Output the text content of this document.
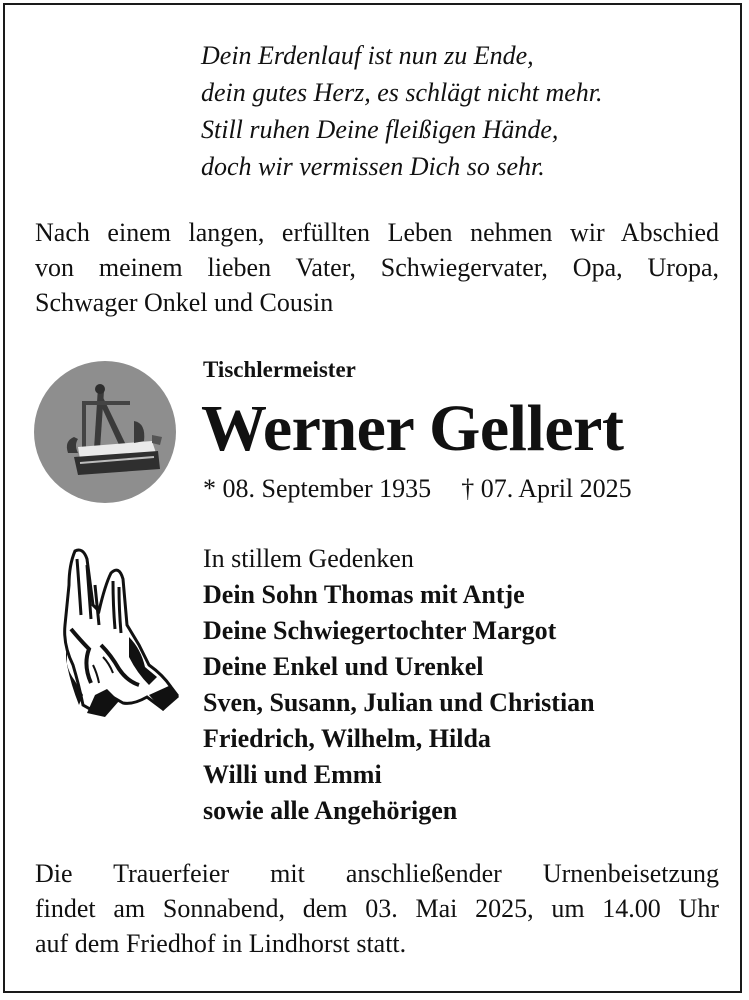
Dein Erdenlauf ist nun zu Ende,
dein gutes Herz, es schlägt nicht mehr.
Still ruhen Deine fleißigen Hände,
doch wir vermissen Dich so sehr.
Nach einem langen, erfüllten Leben nehmen wir Abschied
von meinem lieben Vater, Schwiegervater, Opa, Uropa,
Schwager Onkel und Cousin
Tischlermeister
Werner Gellert
* 08. September 1935 † 07. April 2025
In stillem Gedenken
Dein Sohn Thomas mit Antje
Deine Schwiegertochter Margot
Deine Enkel und Urenkel
Sven, Susann, Julian und Christian
Friedrich, Wilhelm, Hilda
Willi und Emmi
sowie alle Angehörigen
Die Trauerfeier mit anschließender Urnenbeisetzung
findet am Sonnabend, dem 03. Mai 2025, um 14.00 Uhr
auf dem Friedhof in Lindhorst statt.
